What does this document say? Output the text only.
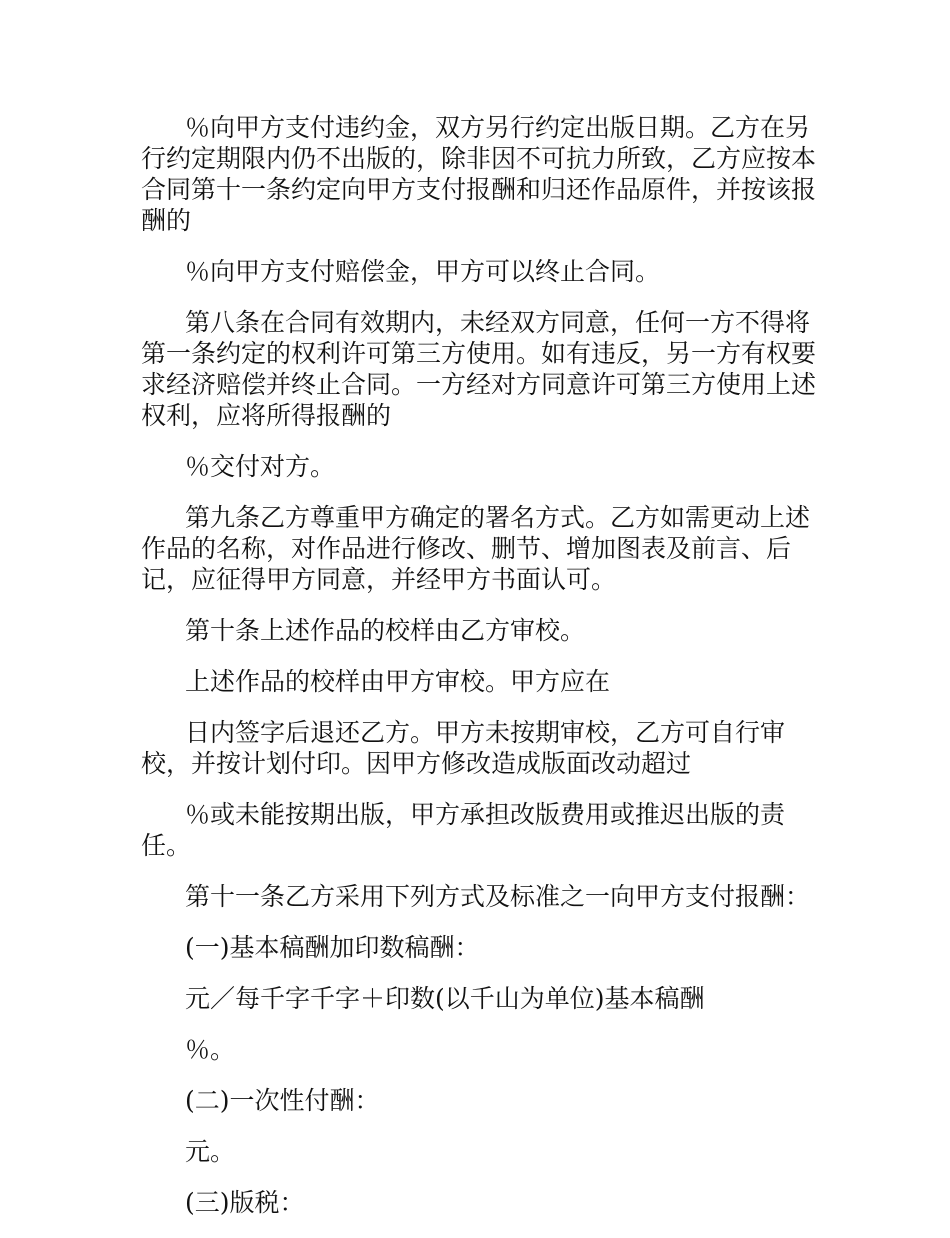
％向甲方支付违约金，双方另行约定出版日期。乙方在另行约定期限内仍不出版的，除非因不可抗力所致，乙方应按本合同第十一条约定向甲方支付报酬和归还作品原件，并按该报酬的

％向甲方支付赔偿金，甲方可以终止合同。

第八条在合同有效期内，未经双方同意，任何一方不得将第一条约定的权利许可第三方使用。如有违反，另一方有权要求经济赔偿并终止合同。一方经对方同意许可第三方使用上述权利，应将所得报酬的

％交付对方。

第九条乙方尊重甲方确定的署名方式。乙方如需更动上述作品的名称，对作品进行修改、删节、增加图表及前言、后记，应征得甲方同意，并经甲方书面认可。

第十条上述作品的校样由乙方审校。

上述作品的校样由甲方审校。甲方应在

日内签字后退还乙方。甲方未按期审校，乙方可自行审校，并按计划付印。因甲方修改造成版面改动超过

％或未能按期出版，甲方承担改版费用或推迟出版的责任。

第十一条乙方采用下列方式及标准之一向甲方支付报酬：

(一)基本稿酬加印数稿酬：

元／每千字千字＋印数(以千山为单位)基本稿酬

％。

(二)一次性付酬：

元。

(三)版税：
